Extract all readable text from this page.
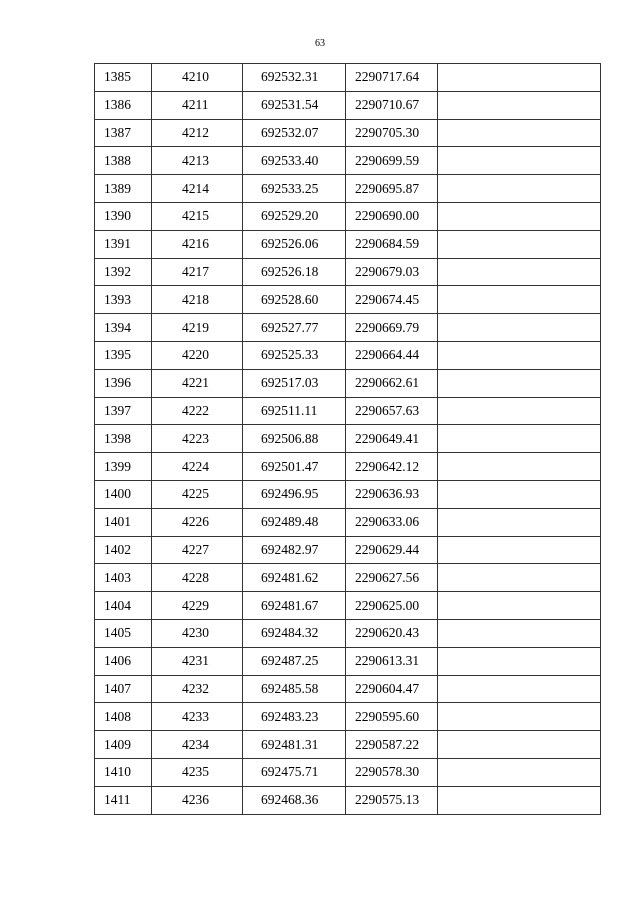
63
1385	4210	692532.31	2290717.64	
1386	4211	692531.54	2290710.67	
1387	4212	692532.07	2290705.30	
1388	4213	692533.40	2290699.59	
1389	4214	692533.25	2290695.87	
1390	4215	692529.20	2290690.00	
1391	4216	692526.06	2290684.59	
1392	4217	692526.18	2290679.03	
1393	4218	692528.60	2290674.45	
1394	4219	692527.77	2290669.79	
1395	4220	692525.33	2290664.44	
1396	4221	692517.03	2290662.61	
1397	4222	692511.11	2290657.63	
1398	4223	692506.88	2290649.41	
1399	4224	692501.47	2290642.12	
1400	4225	692496.95	2290636.93	
1401	4226	692489.48	2290633.06	
1402	4227	692482.97	2290629.44	
1403	4228	692481.62	2290627.56	
1404	4229	692481.67	2290625.00	
1405	4230	692484.32	2290620.43	
1406	4231	692487.25	2290613.31	
1407	4232	692485.58	2290604.47	
1408	4233	692483.23	2290595.60	
1409	4234	692481.31	2290587.22	
1410	4235	692475.71	2290578.30	
1411	4236	692468.36	2290575.13	
